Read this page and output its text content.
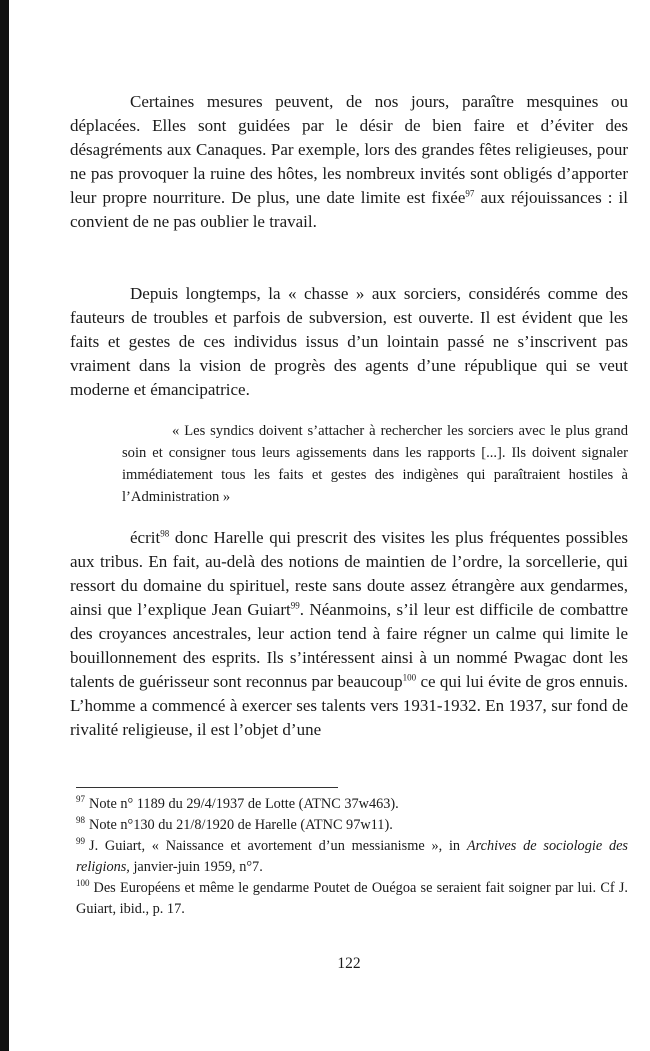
Certaines mesures peuvent, de nos jours, paraître mesquines ou déplacées. Elles sont guidées par le désir de bien faire et d’éviter des désagréments aux Canaques. Par exemple, lors des grandes fêtes religieuses, pour ne pas provoquer la ruine des hôtes, les nombreux invités sont obligés d’apporter leur propre nourriture. De plus, une date limite est fixée$^{97}$ aux réjouissances : il convient de ne pas oublier le travail.

Depuis longtemps, la « chasse » aux sorciers, considérés comme des fauteurs de troubles et parfois de subversion, est ouverte. Il est évident que les faits et gestes de ces individus issus d’un lointain passé ne s’inscrivent pas vraiment dans la vision de progrès des agents d’une république qui se veut moderne et émancipatrice.

« Les syndics doivent s’attacher à rechercher les sorciers avec le plus grand soin et consigner tous leurs agissements dans les rapports [...]. Ils doivent signaler immédiatement tous les faits et gestes des indigènes qui paraîtraient hostiles à l’Administration »

écrit$^{98}$ donc Harelle qui prescrit des visites les plus fréquentes possibles aux tribus. En fait, au-delà des notions de maintien de l’ordre, la sorcellerie, qui ressort du domaine du spirituel, reste sans doute assez étrangère aux gendarmes, ainsi que l’explique Jean Guiart$^{99}$. Néanmoins, s’il leur est difficile de combattre des croyances ancestrales, leur action tend à faire régner un calme qui limite le bouillonnement des esprits. Ils s’intéressent ainsi à un nommé Pwagac dont les talents de guérisseur sont reconnus par beaucoup$^{100}$ ce qui lui évite de gros ennuis. L’homme a commencé à exercer ses talents vers 1931-1932. En 1937, sur fond de rivalité religieuse, il est l’objet d’une

$^{97}$ Note n° 1189 du 29/4/1937 de Lotte (ATNC 37w463).

$^{98}$ Note n°130 du 21/8/1920 de Harelle (ATNC 97w11).

$^{99}$ J. Guiart, « Naissance et avortement d’un messianisme », in Archives de sociologie des religions, janvier-juin 1959, n°7.

$^{100}$ Des Européens et même le gendarme Poutet de Ouégoa se seraient fait soigner par lui. Cf J. Guiart, ibid., p. 17.

122
